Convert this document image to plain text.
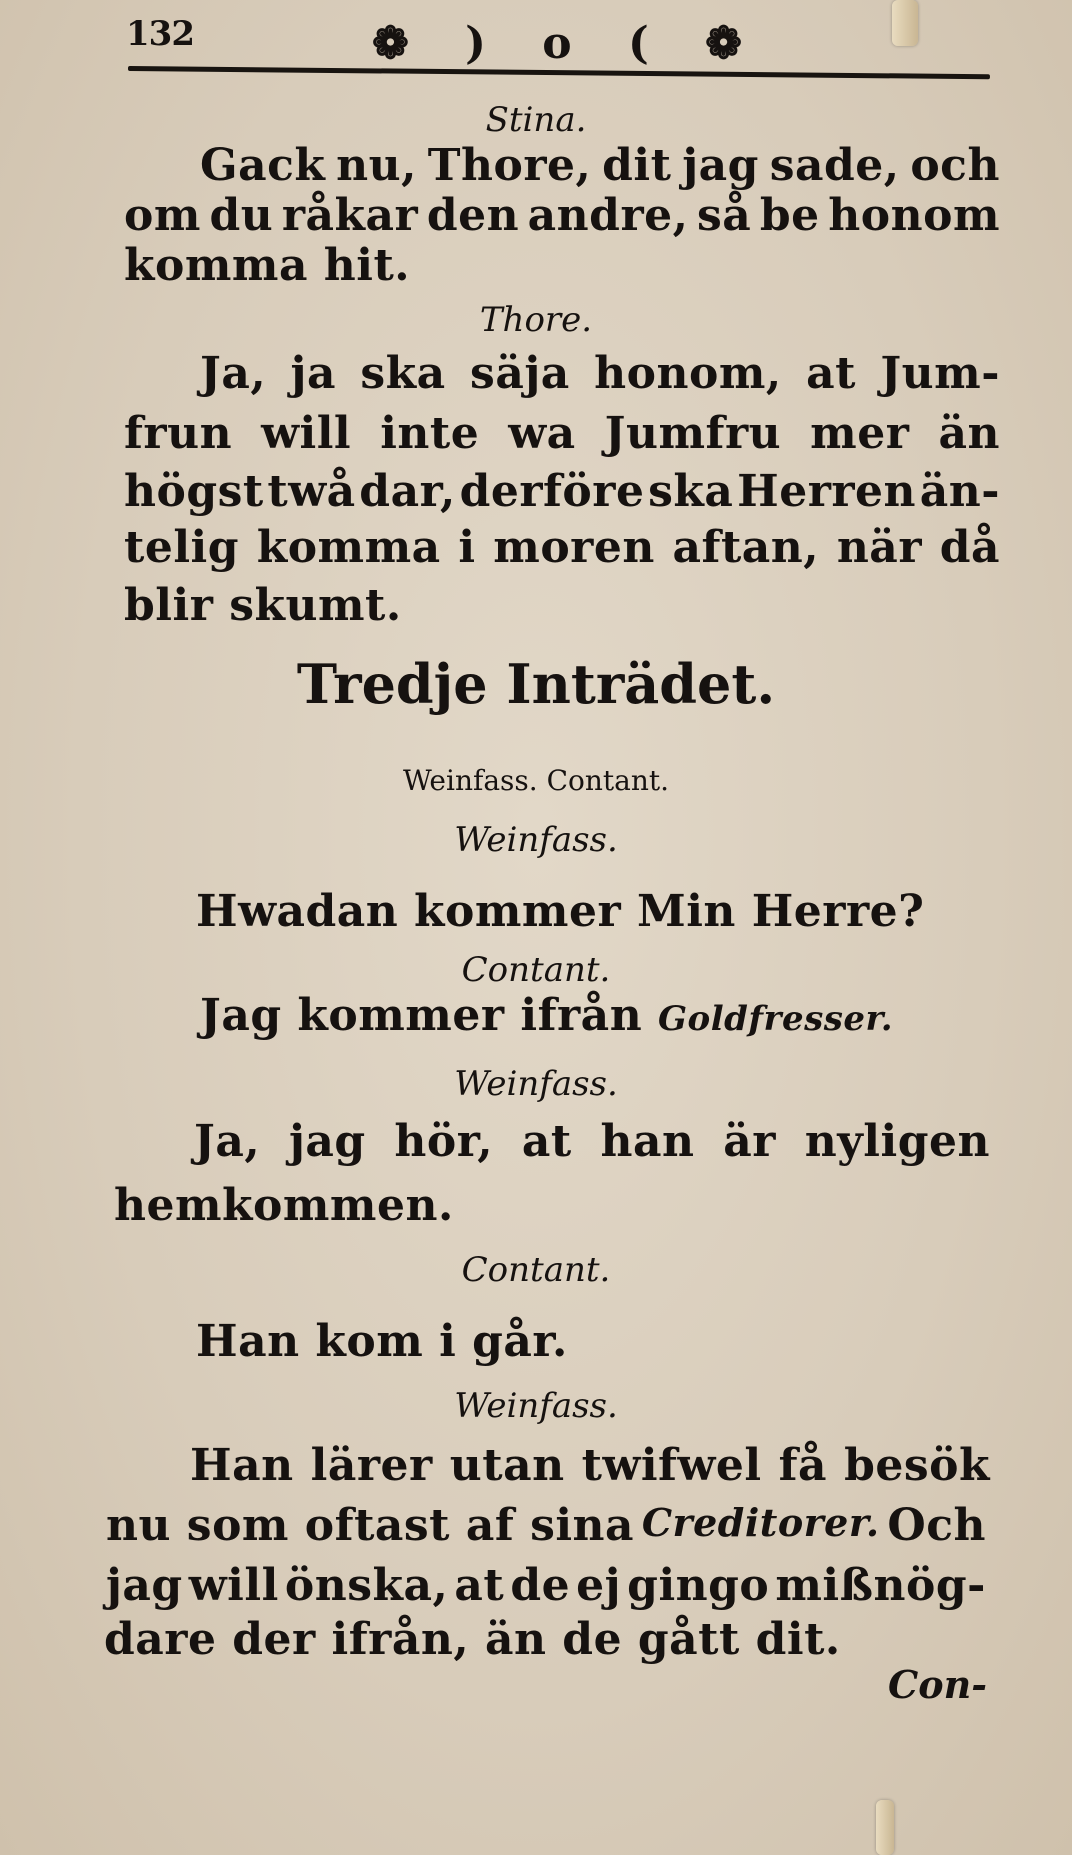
132	❁ ) o ( ❁
Stina.
Gack nu, Thore, dit jag sade, och
om du råkar den andre, så be honom
komma hit.
Thore.
Ja, ja ska säja honom, at Jum-
frun will inte wa Jumfru mer än
högst twå dar, derföre ska Herren än-
telig komma i moren aftan, när då
blir skumt.
Tredje Inträdet.
Weinfass. Contant.
Weinfass.
Hwadan kommer Min Herre?
Contant.
Jag kommer ifrån Goldfresser.
Weinfass.
Ja, jag hör, at han är nyligen
hemkommen.
Contant.
Han kom i går.
Weinfass.
Han lärer utan twifwel få besök
nu som oftast af sina Creditorer. Och
jag will önska, at de ej gingo mißnög-
dare der ifrån, än de gått dit.
Con-
